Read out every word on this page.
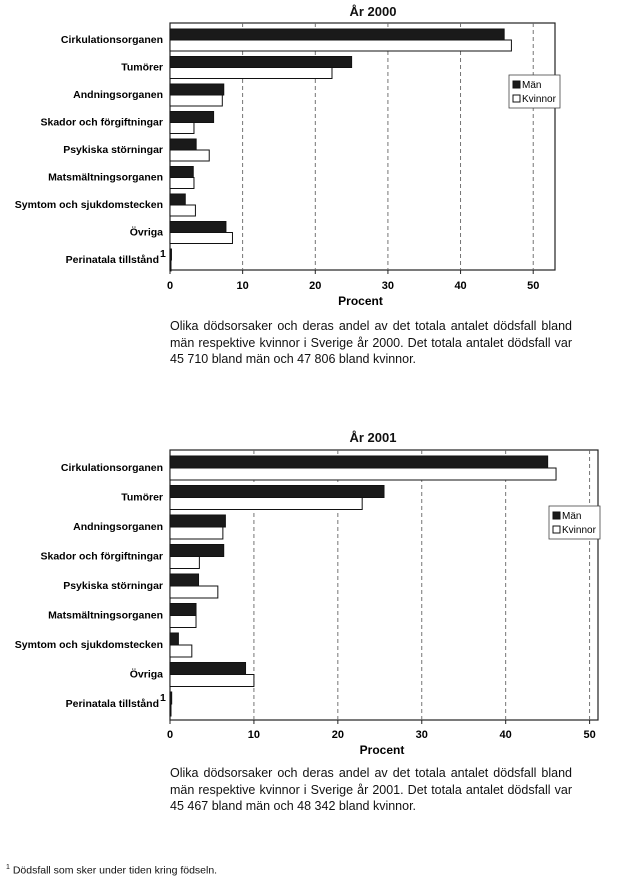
År 2000
0	10	20	30	40	50
Procent
Cirkulationsorganen
Tumörer
Andningsorganen
Skador och förgiftningar
Psykiska störningar
Matsmältningsorganen
Symtom och sjukdomstecken
Övriga
Perinatala tillstånd 1
Män
Kvinnor
Olika dödsorsaker och deras andel av det totala antalet dödsfall bland män respektive kvinnor i Sverige år 2000. Det totala antalet dödsfall var 45 710 bland män och 47 806 bland kvinnor.
År 2001
0	10	20	30	40	50
Procent
Cirkulationsorganen
Tumörer
Andningsorganen
Skador och förgiftningar
Psykiska störningar
Matsmältningsorganen
Symtom och sjukdomstecken
Övriga
Perinatala tillstånd 1
Män
Kvinnor
Olika dödsorsaker och deras andel av det totala antalet dödsfall bland män respektive kvinnor i Sverige år 2001. Det totala antalet dödsfall var 45 467 bland män och 48 342 bland kvinnor.
$^1$ Dödsfall som sker under tiden kring födseln.
